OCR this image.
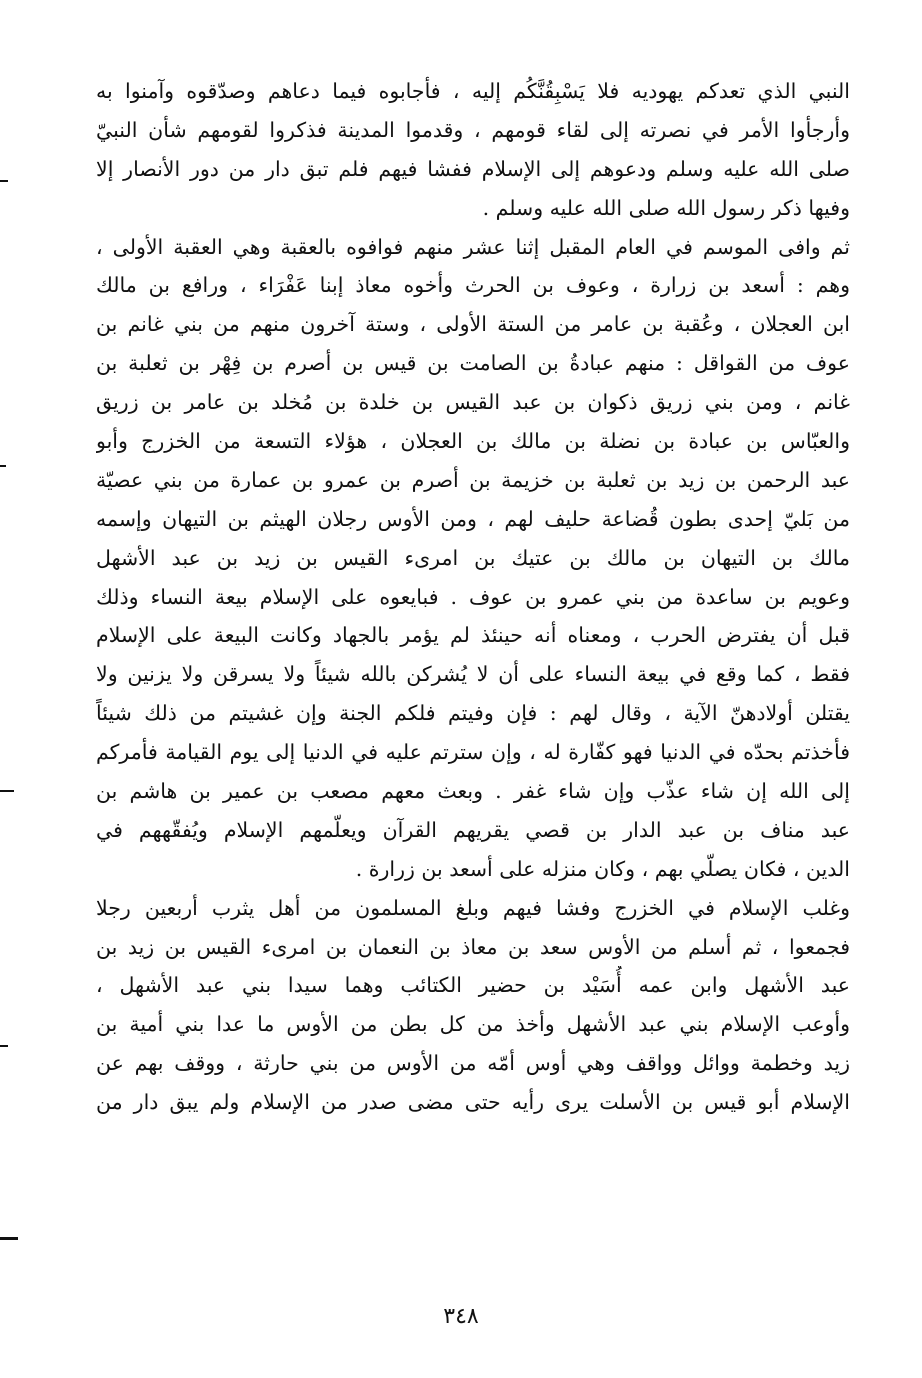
النبي الذي تعدكم يهوديه فلا يَسْبِقُنَّكُم إليه ، فأجابوه فيما دعاهم وصدّقوه وآمنوا به
وأرجأوا الأمر في نصرته إلى لقاء قومهم ، وقدموا المدينة فذكروا لقومهم شأن النبيّ
صلى الله عليه وسلم ودعوهم إلى الإسلام ففشا فيهم فلم تبق دار من دور الأنصار إلا
وفيها ذكر رسول الله صلى الله عليه وسلم .
ثم وافى الموسم في العام المقبل إثنا عشر منهم فوافوه بالعقبة وهي العقبة الأولى ،
وهم : أسعد بن زرارة ، وعوف بن الحرث وأخوه معاذ إبنا عَفْرَاء ، ورافع بن مالك
ابن العجلان ، وعُقبة بن عامر من الستة الأولى ، وستة آخرون منهم من بني غانم بن
عوف من القواقل : منهم عبادةُ بن الصامت بن قيس بن أصرم بن فِهْر بن ثعلبة بن
غانم ، ومن بني زريق ذكوان بن عبد القيس بن خلدة بن مُخلد بن عامر بن زريق
والعبّاس بن عبادة بن نضلة بن مالك بن العجلان ، هؤلاء التسعة من الخزرج وأبو
عبد الرحمن بن زيد بن ثعلبة بن خزيمة بن أصرم بن عمرو بن عمارة من بني عصيّة
من بَليّ إحدى بطون قُضاعة حليف لهم ، ومن الأوس رجلان الهيثم بن التيهان وإسمه
مالك بن التيهان بن مالك بن عتيك بن امرىء القيس بن زيد بن عبد الأشهل
وعويم بن ساعدة من بني عمرو بن عوف . فبايعوه على الإسلام بيعة النساء وذلك
قبل أن يفترض الحرب ، ومعناه أنه حينئذ لم يؤمر بالجهاد وكانت البيعة على الإسلام
فقط ، كما وقع في بيعة النساء على أن لا يُشركن بالله شيئاً ولا يسرقن ولا يزنين ولا
يقتلن أولادهنّ الآية ، وقال لهم : فإن وفيتم فلكم الجنة وإن غشيتم من ذلك شيئاً
فأخذتم بحدّه في الدنيا فهو كفّارة له ، وإن سترتم عليه في الدنيا إلى يوم القيامة فأمركم
إلى الله إن شاء عذّب وإن شاء غفر . وبعث معهم مصعب بن عمير بن هاشم بن
عبد مناف بن عبد الدار بن قصي يقريهم القرآن ويعلّمهم الإسلام ويُفقّههم في
الدين ، فكان يصلّي بهم ، وكان منزله على أسعد بن زرارة .
وغلب الإسلام في الخزرج وفشا فيهم وبلغ المسلمون من أهل يثرب أربعين رجلا
فجمعوا ، ثم أسلم من الأوس سعد بن معاذ بن النعمان بن امرىء القيس بن زيد بن
عبد الأشهل وابن عمه أُسَيْد بن حضير الكتائب وهما سيدا بني عبد الأشهل ،
وأوعب الإسلام بني عبد الأشهل وأخذ من كل بطن من الأوس ما عدا بني أمية بن
زيد وخطمة ووائل وواقف وهي أوس أمّه من الأوس من بني حارثة ، ووقف بهم عن
الإسلام أبو قيس بن الأسلت يرى رأيه حتى مضى صدر من الإسلام ولم يبق دار من
٣٤٨
